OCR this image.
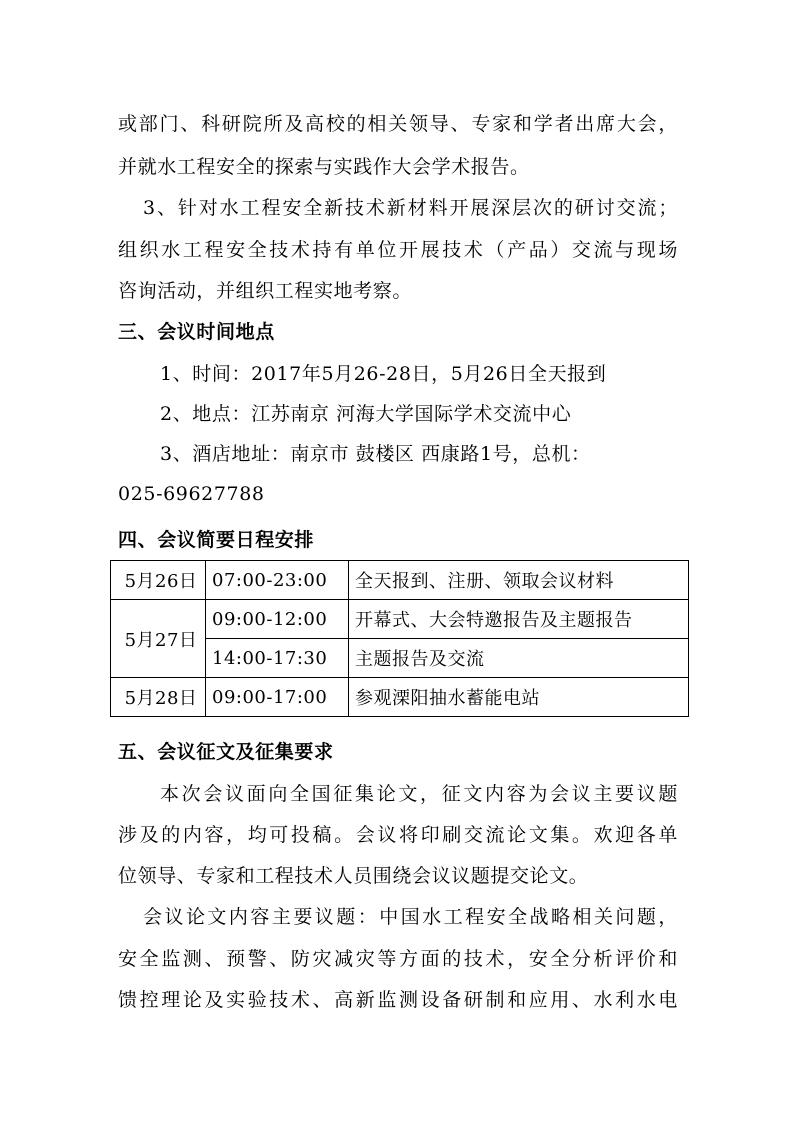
或部门、科研院所及高校的相关领导、专家和学者出席大会，
并就水工程安全的探索与实践作大会学术报告。
3、针对水工程安全新技术新材料开展深层次的研讨交流；
组织水工程安全技术持有单位开展技术（产品）交流与现场
咨询活动，并组织工程实地考察。
三、会议时间地点
1、时间：2017年5月26-28日，5月26日全天报到
2、地点：江苏南京 河海大学国际学术交流中心
3、酒店地址：南京市 鼓楼区 西康路1号，总机：
025-69627788
四、会议简要日程安排
5月26日	07:00-23:00	全天报到、注册、领取会议材料
5月27日	09:00-12:00	开幕式、大会特邀报告及主题报告
	14:00-17:30	主题报告及交流
5月28日	09:00-17:00	参观溧阳抽水蓄能电站
五、会议征文及征集要求
本次会议面向全国征集论文，征文内容为会议主要议题
涉及的内容，均可投稿。会议将印刷交流论文集。欢迎各单
位领导、专家和工程技术人员围绕会议议题提交论文。
会议论文内容主要议题：中国水工程安全战略相关问题，
安全监测、预警、防灾减灾等方面的技术，安全分析评价和
馈控理论及实验技术、高新监测设备研制和应用、水利水电
